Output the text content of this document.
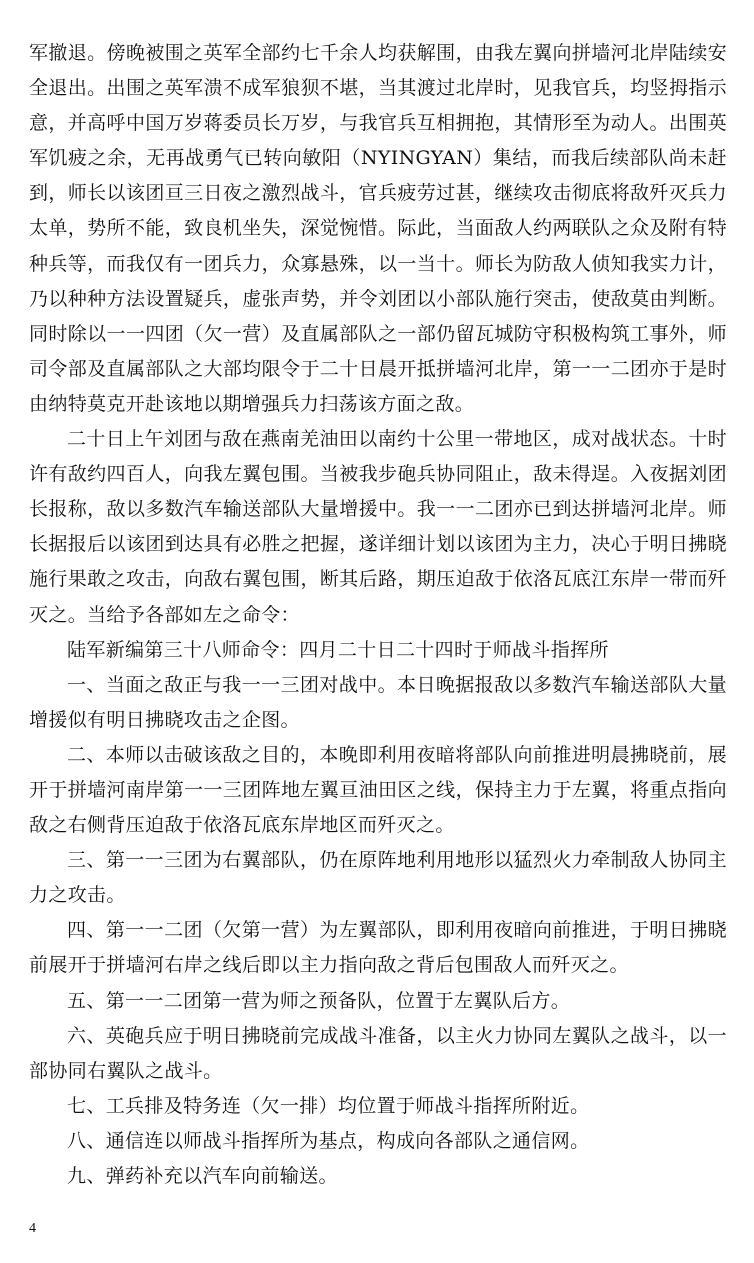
军撤退。傍晚被围之英军全部约七千余人均获解围，由我左翼向拼墙河北岸陆续安全退出。出围之英军溃不成军狼狈不堪，当其渡过北岸时，见我官兵，均竖拇指示意，并高呼中国万岁蒋委员长万岁，与我官兵互相拥抱，其情形至为动人。出围英军饥疲之余，无再战勇气已转向敏阳（NYINGYAN）集结，而我后续部队尚未赶到，师长以该团亘三日夜之激烈战斗，官兵疲劳过甚，继续攻击彻底将敌歼灭兵力太单，势所不能，致良机坐失，深觉惋惜。际此，当面敌人约两联队之众及附有特种兵等，而我仅有一团兵力，众寡悬殊，以一当十。师长为防敌人侦知我实力计，乃以种种方法设置疑兵，虚张声势，并令刘团以小部队施行突击，使敌莫由判断。同时除以一一四团（欠一营）及直属部队之一部仍留瓦城防守积极构筑工事外，师司令部及直属部队之大部均限令于二十日晨开抵拼墙河北岸，第一一二团亦于是时由纳特莫克开赴该地以期增强兵力扫荡该方面之敌。

二十日上午刘团与敌在燕南羌油田以南约十公里一带地区，成对战状态。十时许有敌约四百人，向我左翼包围。当被我步砲兵协同阻止，敌未得逞。入夜据刘团长报称，敌以多数汽车输送部队大量增援中。我一一二团亦已到达拼墙河北岸。师长据报后以该团到达具有必胜之把握，遂详细计划以该团为主力，决心于明日拂晓施行果敢之攻击，向敌右翼包围，断其后路，期压迫敌于依洛瓦底江东岸一带而歼灭之。当给予各部如左之命令：

陆军新编第三十八师命令：四月二十日二十四时于师战斗指挥所

一、当面之敌正与我一一三团对战中。本日晚据报敌以多数汽车输送部队大量增援似有明日拂晓攻击之企图。

二、本师以击破该敌之目的，本晚即利用夜暗将部队向前推进明晨拂晓前，展开于拼墙河南岸第一一三团阵地左翼亘油田区之线，保持主力于左翼，将重点指向敌之右侧背压迫敌于依洛瓦底东岸地区而歼灭之。

三、第一一三团为右翼部队，仍在原阵地利用地形以猛烈火力牵制敌人协同主力之攻击。

四、第一一二团（欠第一营）为左翼部队，即利用夜暗向前推进，于明日拂晓前展开于拼墙河右岸之线后即以主力指向敌之背后包围敌人而歼灭之。

五、第一一二团第一营为师之预备队，位置于左翼队后方。

六、英砲兵应于明日拂晓前完成战斗准备，以主火力协同左翼队之战斗，以一部协同右翼队之战斗。

七、工兵排及特务连（欠一排）均位置于师战斗指挥所附近。

八、通信连以师战斗指挥所为基点，构成向各部队之通信网。

九、弹药补充以汽车向前输送。

4
